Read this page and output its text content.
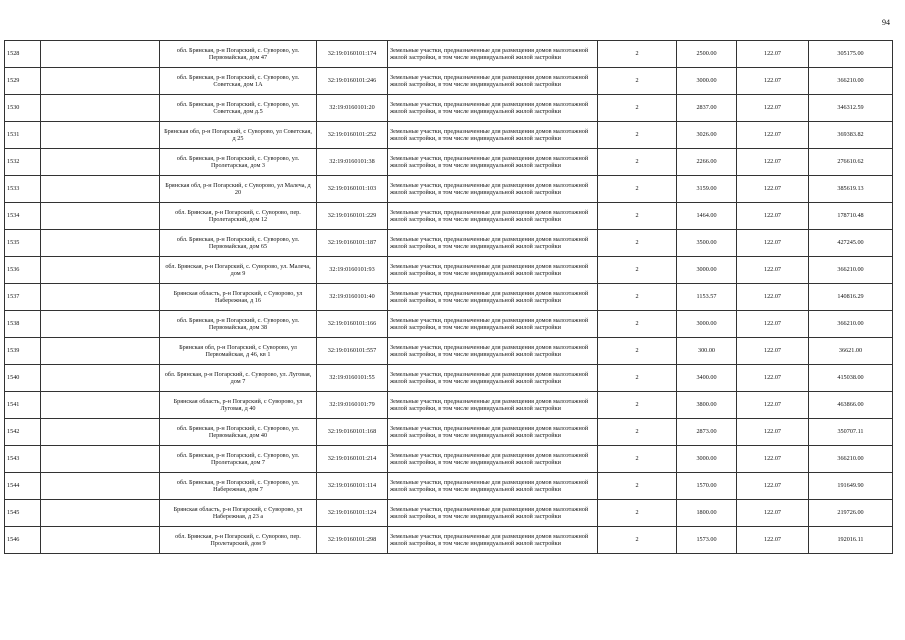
94
1528		обл. Брянская, р-н Погарский, с. Суворово, ул. Первомайская, дом 47	32:19:0160101:174	Земельные участки, предназначенные для размещения домов малоэтажной жилой застройки, в том числе индивидуальной жилой застройки	2	2500.00	122.07	305175.00
1529		обл. Брянская, р-н Погарский, с. Суворово, ул. Советская, дом 1А	32:19:0160101:246	Земельные участки, предназначенные для размещения домов малоэтажной жилой застройки, в том числе индивидуальной жилой застройки	2	3000.00	122.07	366210.00
1530		обл. Брянская, р-н Погарский, с. Суворово, ул. Советская, дом д.5	32:19:0160101:20	Земельные участки, предназначенные для размещения домов малоэтажной жилой застройки, в том числе индивидуальной жилой застройки	2	2837.00	122.07	346312.59
1531		Брянская обл, р-н Погарский, с Суворово, ул Советская, д 25	32:19:0160101:252	Земельные участки, предназначенные для размещения домов малоэтажной жилой застройки, в том числе индивидуальной жилой застройки	2	3026.00	122.07	369383.82
1532		обл. Брянская, р-н Погарский, с. Суворово, ул. Пролетарская, дом 3	32:19:0160101:38	Земельные участки, предназначенные для размещения домов малоэтажной жилой застройки, в том числе индивидуальной жилой застройки	2	2266.00	122.07	276610.62
1533		Брянская обл, р-н Погарский, с Суворово, ул Малеча, д 20	32:19:0160101:103	Земельные участки, предназначенные для размещения домов малоэтажной жилой застройки, в том числе индивидуальной жилой застройки	2	3159.00	122.07	385619.13
1534		обл. Брянская, р-н Погарский, с. Суворово, пер. Пролетарский, дом 12	32:19:0160101:229	Земельные участки, предназначенные для размещения домов малоэтажной жилой застройки, в том числе индивидуальной жилой застройки	2	1464.00	122.07	178710.48
1535		обл. Брянская, р-н Погарский, с. Суворово, ул. Первомайская, дом 65	32:19:0160101:187	Земельные участки, предназначенные для размещения домов малоэтажной жилой застройки, в том числе индивидуальной жилой застройки	2	3500.00	122.07	427245.00
1536		обл. Брянская, р-н Погарский, с. Суворово, ул. Малеча, дом 9	32:19:0160101:93	Земельные участки, предназначенные для размещения домов малоэтажной жилой застройки, в том числе индивидуальной жилой застройки	2	3000.00	122.07	366210.00
1537		Брянская область, р-н Погарский, с Суворово, ул Набережная, д 16	32:19:0160101:40	Земельные участки, предназначенные для размещения домов малоэтажной жилой застройки, в том числе индивидуальной жилой застройки	2	1153.57	122.07	140816.29
1538		обл. Брянская, р-н Погарский, с. Суворово, ул. Первомайская, дом 38	32:19:0160101:166	Земельные участки, предназначенные для размещения домов малоэтажной жилой застройки, в том числе индивидуальной жилой застройки	2	3000.00	122.07	366210.00
1539		Брянская обл, р-н Погарский, с Суворово, ул Первомайская, д 46, кв 1	32:19:0160101:557	Земельные участки, предназначенные для размещения домов малоэтажной жилой застройки, в том числе индивидуальной жилой застройки	2	300.00	122.07	36621.00
1540		обл. Брянская, р-н Погарский, с. Суворово, ул. Луговая, дом 7	32:19:0160101:55	Земельные участки, предназначенные для размещения домов малоэтажной жилой застройки, в том числе индивидуальной жилой застройки	2	3400.00	122.07	415038.00
1541		Брянская область, р-н Погарский, с Суворово, ул Луговая, д 40	32:19:0160101:79	Земельные участки, предназначенные для размещения домов малоэтажной жилой застройки, в том числе индивидуальной жилой застройки	2	3800.00	122.07	463866.00
1542		обл. Брянская, р-н Погарский, с. Суворово, ул. Первомайская, дом 40	32:19:0160101:168	Земельные участки, предназначенные для размещения домов малоэтажной жилой застройки, в том числе индивидуальной жилой застройки	2	2873.00	122.07	350707.11
1543		обл. Брянская, р-н Погарский, с. Суворово, ул. Пролетарская, дом 7	32:19:0160101:214	Земельные участки, предназначенные для размещения домов малоэтажной жилой застройки, в том числе индивидуальной жилой застройки	2	3000.00	122.07	366210.00
1544		обл. Брянская, р-н Погарский, с. Суворово, ул. Набережная, дом 7	32:19:0160101:114	Земельные участки, предназначенные для размещения домов малоэтажной жилой застройки, в том числе индивидуальной жилой застройки	2	1570.00	122.07	191649.90
1545		Брянская область, р-н Погарский, с Суворово, ул Набережная, д 23 а	32:19:0160101:124	Земельные участки, предназначенные для размещения домов малоэтажной жилой застройки, в том числе индивидуальной жилой застройки	2	1800.00	122.07	219726.00
1546		обл. Брянская, р-н Погарский, с. Суворово, пер. Пролетарский, дом 9	32:19:0160101:298	Земельные участки, предназначенные для размещения домов малоэтажной жилой застройки, в том числе индивидуальной жилой застройки	2	1573.00	122.07	192016.11
